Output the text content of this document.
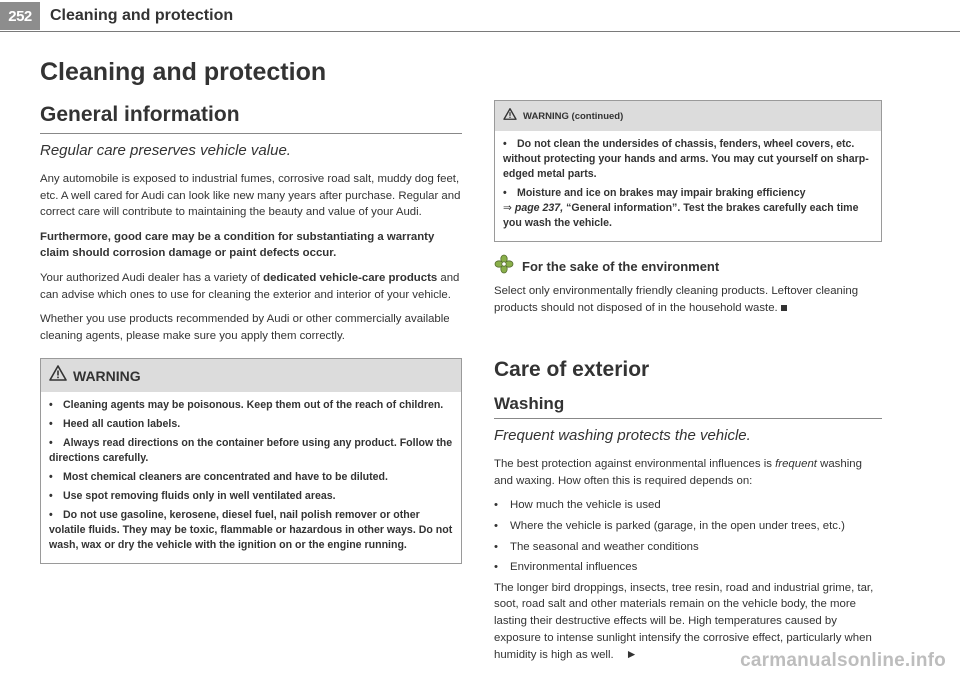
252	Cleaning and protection
Cleaning and protection
General information
Regular care preserves vehicle value.

Any automobile is exposed to industrial fumes, corrosive road salt, muddy dog feet, etc. A well cared for Audi can look like new many years after purchase. Regular and correct care will contribute to maintaining the beauty and value of your Audi.

Furthermore, good care may be a condition for substantiating a warranty claim should corrosion damage or paint defects occur.

Your authorized Audi dealer has a variety of dedicated vehicle-care products and can advise which ones to use for cleaning the exterior and interior of your vehicle.

Whether you use products recommended by Audi or other commercially available cleaning agents, please make sure you apply them correctly.

WARNING
• Cleaning agents may be poisonous. Keep them out of the reach of children.
• Heed all caution labels.
• Always read directions on the container before using any product. Follow the directions carefully.
• Most chemical cleaners are concentrated and have to be diluted.
• Use spot removing fluids only in well ventilated areas.
• Do not use gasoline, kerosene, diesel fuel, nail polish remover or other volatile fluids. They may be toxic, flammable or hazardous in other ways. Do not wash, wax or dry the vehicle with the ignition on or the engine running.
WARNING (continued)
• Do not clean the undersides of chassis, fenders, wheel covers, etc. without protecting your hands and arms. You may cut yourself on sharp-edged metal parts.
• Moisture and ice on brakes may impair braking efficiency
⇒ page 237, “General information”. Test the brakes carefully each time you wash the vehicle.
For the sake of the environment

Select only environmentally friendly cleaning products. Leftover cleaning products should not disposed of in the household waste.

Care of exterior
Washing
Frequent washing protects the vehicle.

The best protection against environmental influences is frequent washing and waxing. How often this is required depends on:

• How much the vehicle is used
• Where the vehicle is parked (garage, in the open under trees, etc.)
• The seasonal and weather conditions
• Environmental influences

The longer bird droppings, insects, tree resin, road and industrial grime, tar, soot, road salt and other materials remain on the vehicle body, the more lasting their destructive effects will be. High temperatures caused by exposure to intense sunlight intensify the corrosive effect, particularly when humidity is high as well. ►	carmanualsonline.info
